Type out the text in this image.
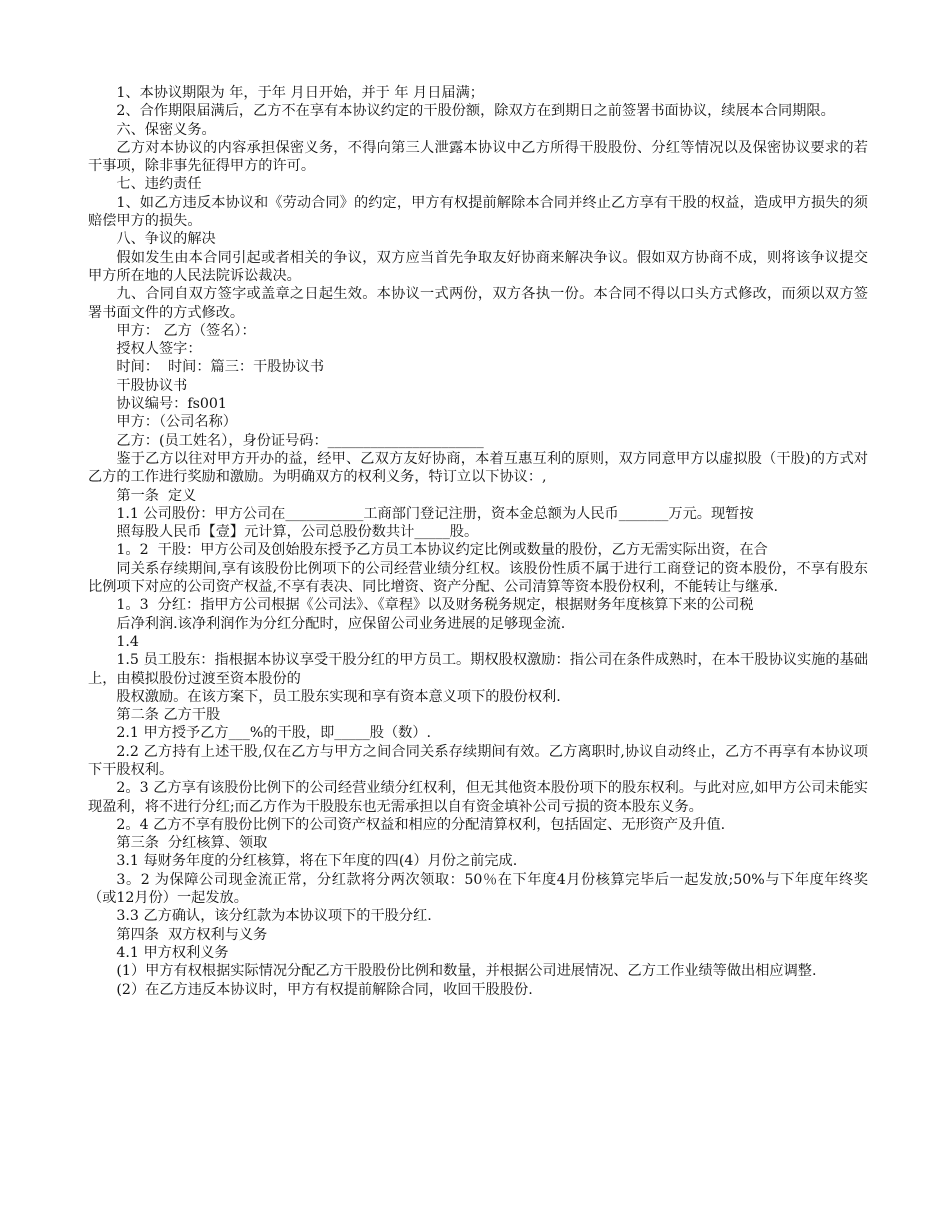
1、本协议期限为 年，于年 月日开始，并于 年 月日届满；

2、合作期限届满后，乙方不在享有本协议约定的干股份额，除双方在到期日之前签署书面协议，续展本合同期限。

六、保密义务。

乙方对本协议的内容承担保密义务，不得向第三人泄露本协议中乙方所得干股股份、分红等情况以及保密协议要求的若干事项，除非事先征得甲方的许可。

七、违约责任

1、如乙方违反本协议和《劳动合同》的约定，甲方有权提前解除本合同并终止乙方享有干股的权益，造成甲方损失的须赔偿甲方的损失。

八、争议的解决

假如发生由本合同引起或者相关的争议，双方应当首先争取友好协商来解决争议。假如双方协商不成，则将该争议提交甲方所在地的人民法院诉讼裁决。

九、合同自双方签字或盖章之日起生效。本协议一式两份，双方各执一份。本合同不得以口头方式修改，而须以双方签署书面文件的方式修改。

甲方： 乙方（签名）：

授权人签字：

时间：  时间：篇三：干股协议书

干股协议书

协议编号：fs001

甲方：（公司名称）

乙方：(员工姓名），身份证号码：______________________

鉴于乙方以往对甲方开办的益，经甲、乙双方友好协商，本着互惠互利的原则，双方同意甲方以虚拟股（干股)的方式对乙方的工作进行奖励和激励。为明确双方的权利义务，特订立以下协议：,

第一条  定义

1.1 公司股份：甲方公司在___________工商部门登记注册，资本金总额为人民币_______万元。现暂按

照每股人民币【壹】元计算，公司总股份数共计_____股。

1。2  干股：甲方公司及创始股东授予乙方员工本协议约定比例或数量的股份，乙方无需实际出资，在合

同关系存续期间,享有该股份比例项下的公司经营业绩分红权。该股份性质不属于进行工商登记的资本股份，不享有股东比例项下对应的公司资产权益,不享有表决、同比增资、资产分配、公司清算等资本股份权利，不能转让与继承.

1。3  分红：指甲方公司根据《公司法》、《章程》以及财务税务规定，根据财务年度核算下来的公司税

后净利润.该净利润作为分红分配时，应保留公司业务进展的足够现金流.

1.4

1.5 员工股东：指根据本协议享受干股分红的甲方员工。期权股权激励：指公司在条件成熟时，在本干股协议实施的基础上，由模拟股份过渡至资本股份的

股权激励。在该方案下，员工股东实现和享有资本意义项下的股份权利.

第二条 乙方干股

2.1 甲方授予乙方___%的干股，即_____股（数）.

2.2 乙方持有上述干股,仅在乙方与甲方之间合同关系存续期间有效。乙方离职时,协议自动终止，乙方不再享有本协议项下干股权利。

2。3 乙方享有该股份比例下的公司经营业绩分红权利，但无其他资本股份项下的股东权利。与此对应,如甲方公司未能实现盈利，将不进行分红;而乙方作为干股股东也无需承担以自有资金填补公司亏损的资本股东义务。

2。4 乙方不享有股份比例下的公司资产权益和相应的分配清算权利，包括固定、无形资产及升值.

第三条  分红核算、领取

3.1 每财务年度的分红核算，将在下年度的四(4）月份之前完成.

3。2 为保障公司现金流正常，分红款将分两次领取：50％在下年度4月份核算完毕后一起发放;50%与下年度年终奖（或12月份）一起发放。

3.3 乙方确认，该分红款为本协议项下的干股分红.

第四条  双方权利与义务

4.1 甲方权利义务

(1）甲方有权根据实际情况分配乙方干股股份比例和数量，并根据公司进展情况、乙方工作业绩等做出相应调整.

(2）在乙方违反本协议时，甲方有权提前解除合同，收回干股股份.
